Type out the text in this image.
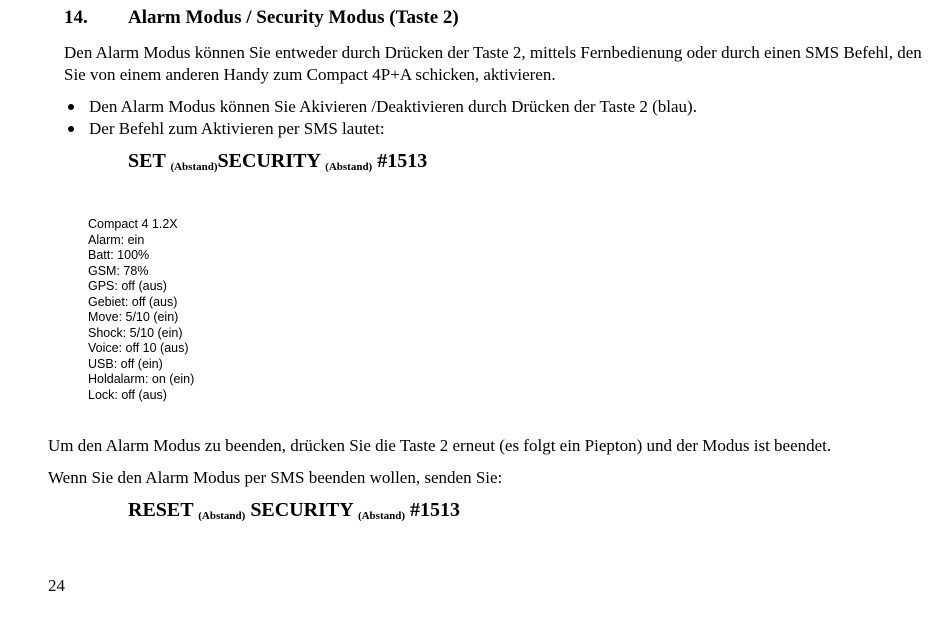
14. Alarm Modus / Security Modus (Taste 2)
Den Alarm Modus können Sie entweder durch Drücken der Taste 2, mittels Fernbedienung oder durch einen SMS Befehl, den Sie von einem anderen Handy zum Compact 4P+A schicken, aktivieren.
Den Alarm Modus können Sie Akivieren /Deaktivieren durch Drücken der Taste 2 (blau).
Der Befehl zum Aktivieren per SMS lautet:
SET $_{(Abstand)}$SECURITY $_{(Abstand)}$ #1513
Compact 4 1.2X
Alarm: ein
Batt: 100%
GSM: 78%
GPS: off (aus)
Gebiet: off (aus)
Move: 5/10 (ein)
Shock: 5/10 (ein)
Voice: off 10 (aus)
USB: off (ein)
Holdalarm: on (ein)
Lock: off (aus)
Um den Alarm Modus zu beenden, drücken Sie die Taste 2 erneut (es folgt ein Piepton) und der Modus ist beendet.
Wenn Sie den Alarm Modus per SMS beenden wollen, senden Sie:
RESET $_{(Abstand)}$ SECURITY $_{(Abstand)}$ #1513
24
